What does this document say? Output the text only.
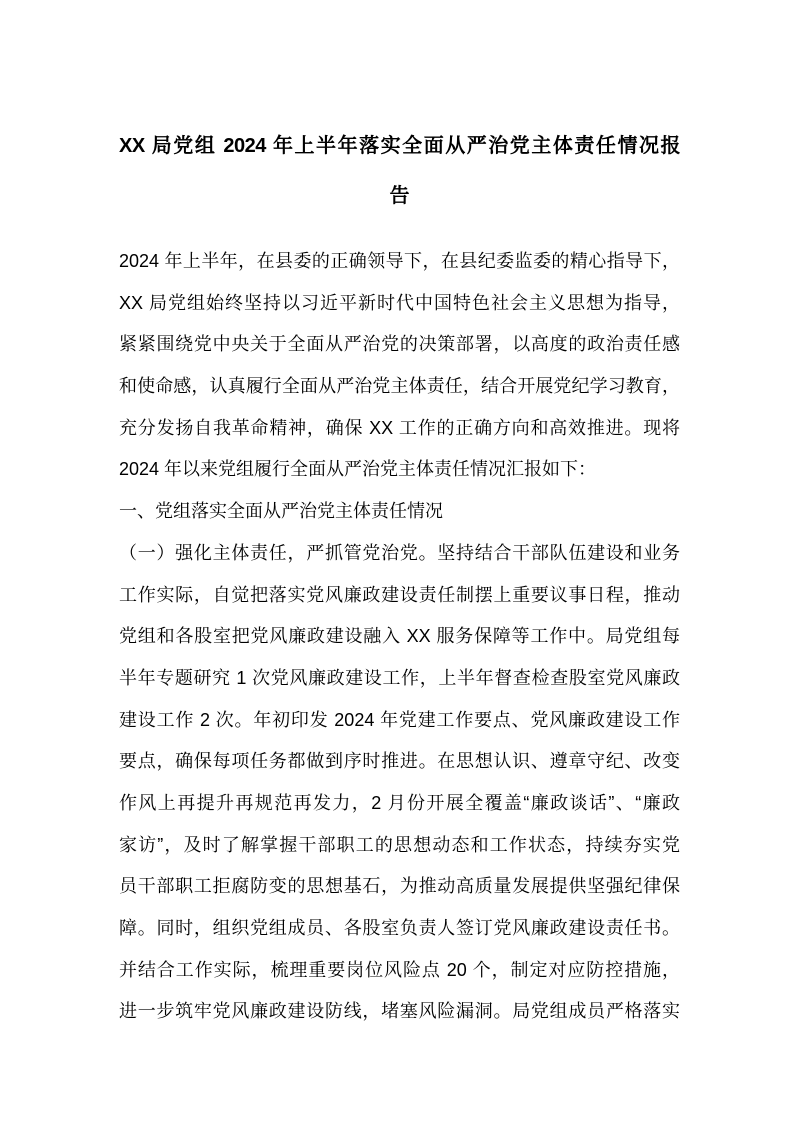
XX 局党组 2024 年上半年落实全面从严治党主体责任情况报
告
2024 年上半年，在县委的正确领导下，在县纪委监委的精心指导下，
XX 局党组始终坚持以习近平新时代中国特色社会主义思想为指导，
紧紧围绕党中央关于全面从严治党的决策部署，以高度的政治责任感
和使命感，认真履行全面从严治党主体责任，结合开展党纪学习教育，
充分发扬自我革命精神，确保 XX 工作的正确方向和高效推进。现将
2024 年以来党组履行全面从严治党主体责任情况汇报如下：
一、党组落实全面从严治党主体责任情况
（一）强化主体责任，严抓管党治党。坚持结合干部队伍建设和业务
工作实际，自觉把落实党风廉政建设责任制摆上重要议事日程，推动
党组和各股室把党风廉政建设融入 XX 服务保障等工作中。局党组每
半年专题研究 1 次党风廉政建设工作，上半年督查检查股室党风廉政
建设工作 2 次。年初印发 2024 年党建工作要点、党风廉政建设工作
要点，确保每项任务都做到序时推进。在思想认识、遵章守纪、改变
作风上再提升再规范再发力，2 月份开展全覆盖“廉政谈话”、“廉政
家访”，及时了解掌握干部职工的思想动态和工作状态，持续夯实党
员干部职工拒腐防变的思想基石，为推动高质量发展提供坚强纪律保
障。同时，组织党组成员、各股室负责人签订党风廉政建设责任书。
并结合工作实际，梳理重要岗位风险点 20 个，制定对应防控措施，
进一步筑牢党风廉政建设防线，堵塞风险漏洞。局党组成员严格落实
